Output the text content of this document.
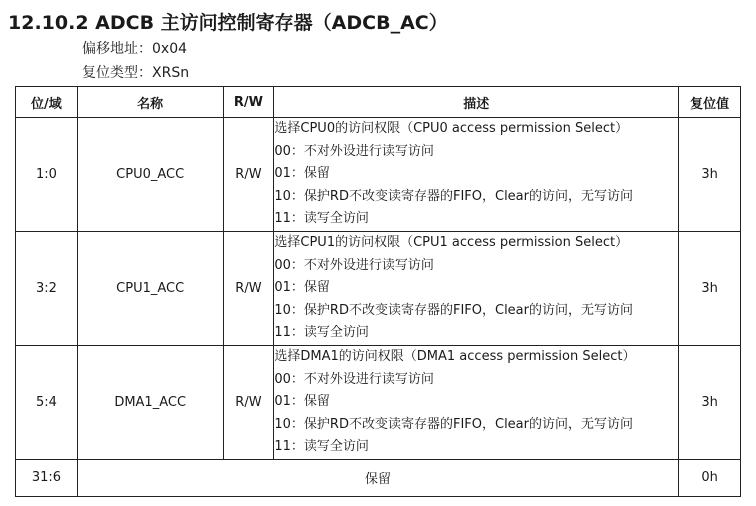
12.10.2 ADCB 主访问控制寄存器（ADCB_AC）
偏移地址：0x04
复位类型：XRSn
位/域	名称	R/W	描述	复位值
1:0	CPU0_ACC	R/W	选择CPU0的访问权限（CPU0 access permission Select）
00：不对外设进行读写访问
01：保留
10：保护RD不改变读寄存器的FIFO，Clear的访问，无写访问
11：读写全访问	3h
3:2	CPU1_ACC	R/W	选择CPU1的访问权限（CPU1 access permission Select）
00：不对外设进行读写访问
01：保留
10：保护RD不改变读寄存器的FIFO，Clear的访问，无写访问
11：读写全访问	3h
5:4	DMA1_ACC	R/W	选择DMA1的访问权限（DMA1 access permission Select）
00：不对外设进行读写访问
01：保留
10：保护RD不改变读寄存器的FIFO，Clear的访问，无写访问
11：读写全访问	3h
31:6	保留			0h
